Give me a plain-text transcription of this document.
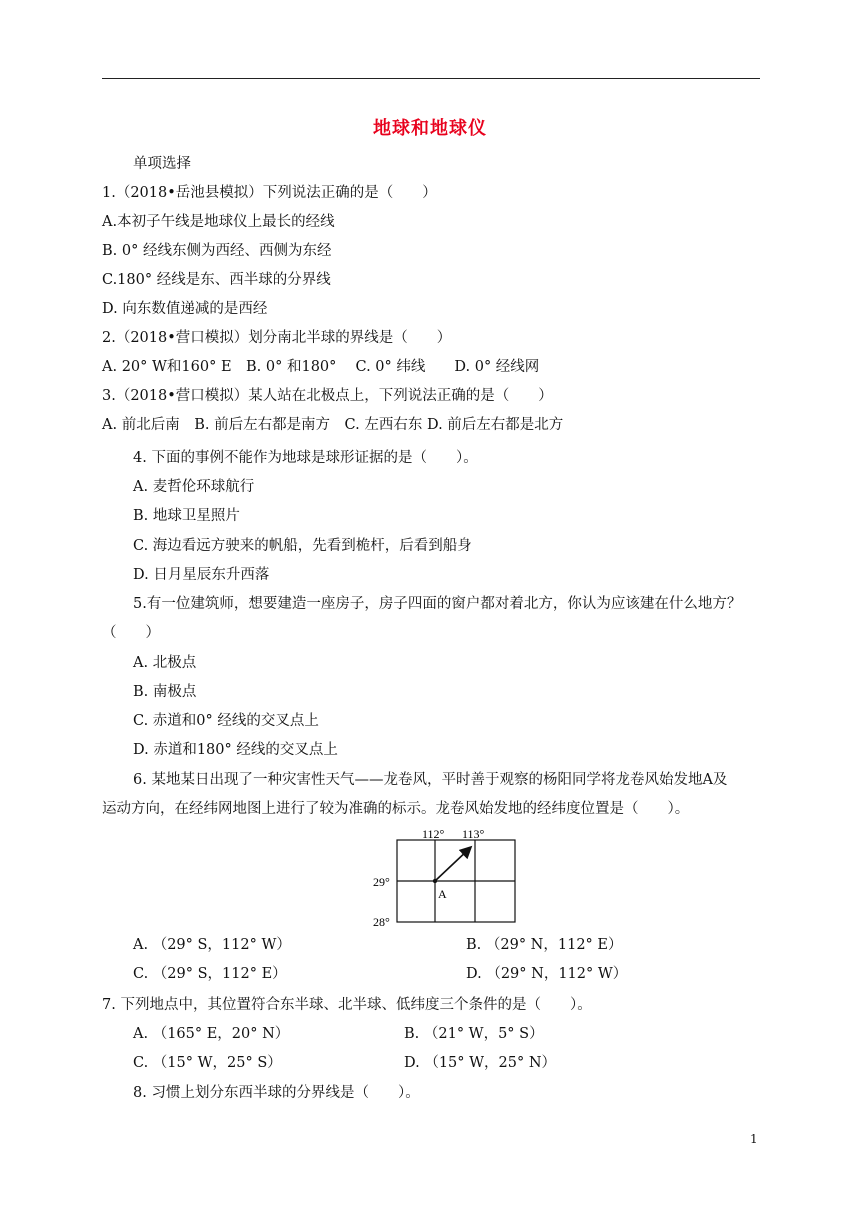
地球和地球仪
单项选择
1.（2018•岳池县模拟）下列说法正确的是（　　）
A.本初子午线是地球仪上最长的经线
B. 0° 经线东侧为西经、西侧为东经
C.180° 经线是东、西半球的分界线
D. 向东数值递减的是西经
2.（2018•营口模拟）划分南北半球的界线是（　　）
A. 20° W和160° E　B. 0° 和180°　 C. 0° 纬线　　D. 0° 经线网
3.（2018•营口模拟）某人站在北极点上，下列说法正确的是（　　）
A. 前北后南　B. 前后左右都是南方　C. 左西右东 D. 前后左右都是北方
4. 下面的事例不能作为地球是球形证据的是（　　）。
A. 麦哲伦环球航行
B. 地球卫星照片
C. 海边看远方驶来的帆船，先看到桅杆，后看到船身
D. 日月星辰东升西落
5.有一位建筑师，想要建造一座房子，房子四面的窗户都对着北方，你认为应该建在什么地方？
（　　）
A. 北极点
B. 南极点
C. 赤道和0° 经线的交叉点上
D. 赤道和180° 经线的交叉点上
6. 某地某日出现了一种灾害性天气——龙卷风，平时善于观察的杨阳同学将龙卷风始发地A及
运动方向，在经纬网地图上进行了较为准确的标示。龙卷风始发地的经纬度位置是（　　）。
112° 113°
29°
28°
A
A. （29° S，112° W）	B. （29° N，112° E）
C. （29° S，112° E）	D. （29° N，112° W）
7. 下列地点中，其位置符合东半球、北半球、低纬度三个条件的是（　　）。
A. （165° E，20° N）	B. （21° W，5° S）
C. （15° W，25° S）	D. （15° W，25° N）
8. 习惯上划分东西半球的分界线是（　　）。
1
